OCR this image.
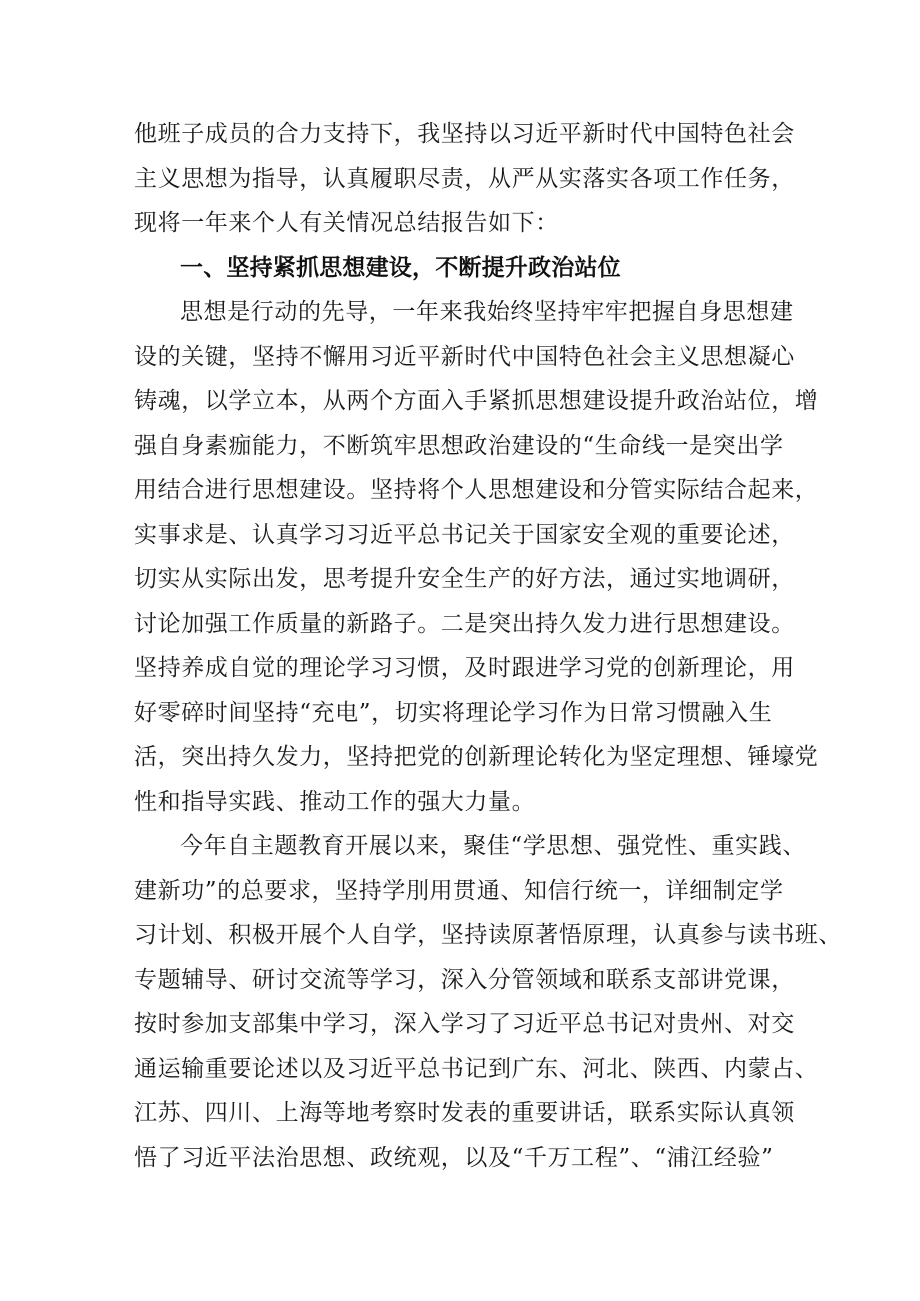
他班子成员的合力支持下，我坚持以习近平新时代中国特色社会
主义思想为指导，认真履职尽责，从严从实落实各项工作任务，
现将一年来个人有关情况总结报告如下：
一、坚持紧抓思想建设，不断提升政治站位
思想是行动的先导，一年来我始终坚持牢牢把握自身思想建
设的关键，坚持不懈用习近平新时代中国特色社会主义思想凝心
铸魂，以学立本，从两个方面入手紧抓思想建设提升政治站位，增
强自身素痂能力，不断筑牢思想政治建设的“生命线一是突出学
用结合进行思想建设。坚持将个人思想建设和分管实际结合起来，
实事求是、认真学习习近平总书记关于国家安全观的重要论述，
切实从实际出发，思考提升安全生产的好方法，通过实地调研，
讨论加强工作质量的新路子。二是突出持久发力进行思想建设。
坚持养成自觉的理论学习习惯，及时跟进学习党的创新理论，用
好零碎时间坚持“充电”，切实将理论学习作为日常习惯融入生
活，突出持久发力，坚持把党的创新理论转化为坚定理想、锤壕党
性和指导实践、推动工作的强大力量。
今年自主题教育开展以来，聚佳“学思想、强党性、重实践、
建新功”的总要求，坚持学刖用贯通、知信行统一，详细制定学
习计划、积极开展个人自学，坚持读原著悟原理，认真参与读书班、
专题辅导、研讨交流等学习，深入分管领域和联系支部讲党课，
按时参加支部集中学习，深入学习了习近平总书记对贵州、对交
通运输重要论述以及习近平总书记到广东、河北、陕西、内蒙占、
江苏、四川、上海等地考察时发表的重要讲话，联系实际认真领
悟了习近平法治思想、政统观，以及“千万工程”、“浦江经验”
